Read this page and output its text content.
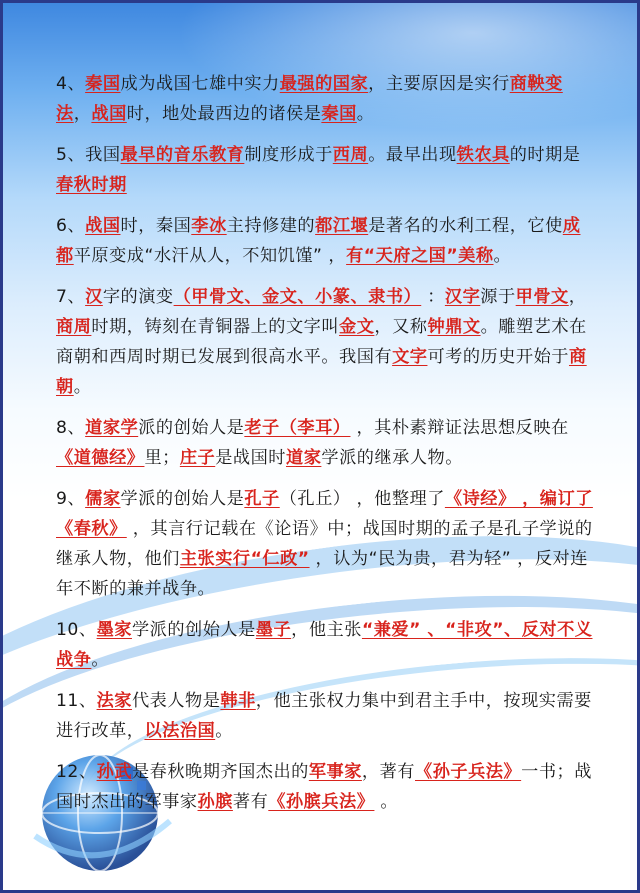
4、秦国成为战国七雄中实力最强的国家，主要原因是实行商鞅变法，战国时，地处最西边的诸侯是秦国。
5、我国最早的音乐教育制度形成于西周。最早出现铁农具的时期是春秋时期
6、战国时，秦国李冰主持修建的都江堰是著名的水利工程，它使成都平原变成“水汗从人，不知饥馑” ，有“天府之国”美称。
7、汉字的演变（甲骨文、金文、小篆、隶书） ：汉字源于甲骨文，商周时期，铸刻在青铜器上的文字叫金文，又称钟鼎文。雕塑艺术在商朝和西周时期已发展到很高水平。我国有文字可考的历史开始于商朝。
8、道家学派的创始人是老子（李耳） ，其朴素辩证法思想反映在《道德经》里；庄子是战国时道家学派的继承人物。
9、儒家学派的创始人是孔子（孔丘） ，他整理了《诗经》 ，编订了《春秋》 ，其言行记载在《论语》中；战国时期的孟子是孔子学说的继承人物，他们主张实行“仁政” ，认为“民为贵，君为轻” ，反对连年不断的兼并战争。
10、墨家学派的创始人是墨子，他主张“兼爱” 、“非攻”、反对不义战争。
11、法家代表人物是韩非，他主张权力集中到君主手中，按现实需要进行改革，以法治国。
12、孙武是春秋晚期齐国杰出的军事家，著有《孙子兵法》一书；战国时杰出的军事家孙膑著有《孙膑兵法》 。
